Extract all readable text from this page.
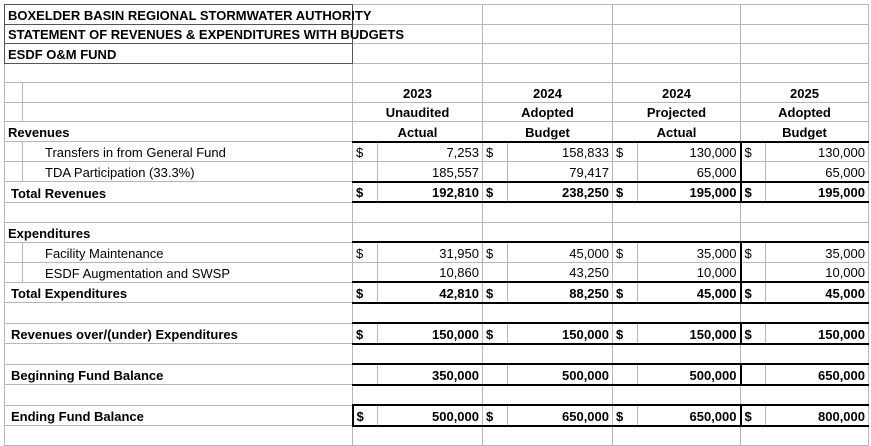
BOXELDER BASIN REGIONAL STORMWATER AUTHORITY									
STATEMENT OF REVENUES & EXPENDITURES WITH BUDGETS									
ESDF O&M FUND									

		2023		2024		2024		2025	
		Unaudited		Adopted		Projected		Adopted	
Revenues		Actual		Budget		Actual		Budget	
	Transfers in from General Fund	$	7,253	$	158,833	$	130,000	$	130,000
	TDA Participation (33.3%)		185,557		79,417		65,000		65,000
Total Revenues		$	192,810	$	238,250	$	195,000	$	195,000

Expenditures									
	Facility Maintenance	$	31,950	$	45,000	$	35,000	$	35,000
	ESDF Augmentation and SWSP		10,860		43,250		10,000		10,000
Total Expenditures		$	42,810	$	88,250	$	45,000	$	45,000

Revenues over/(under) Expenditures		$	150,000	$	150,000	$	150,000	$	150,000

Beginning Fund Balance			350,000		500,000		500,000		650,000

Ending Fund Balance		$	500,000	$	650,000	$	650,000	$	800,000
